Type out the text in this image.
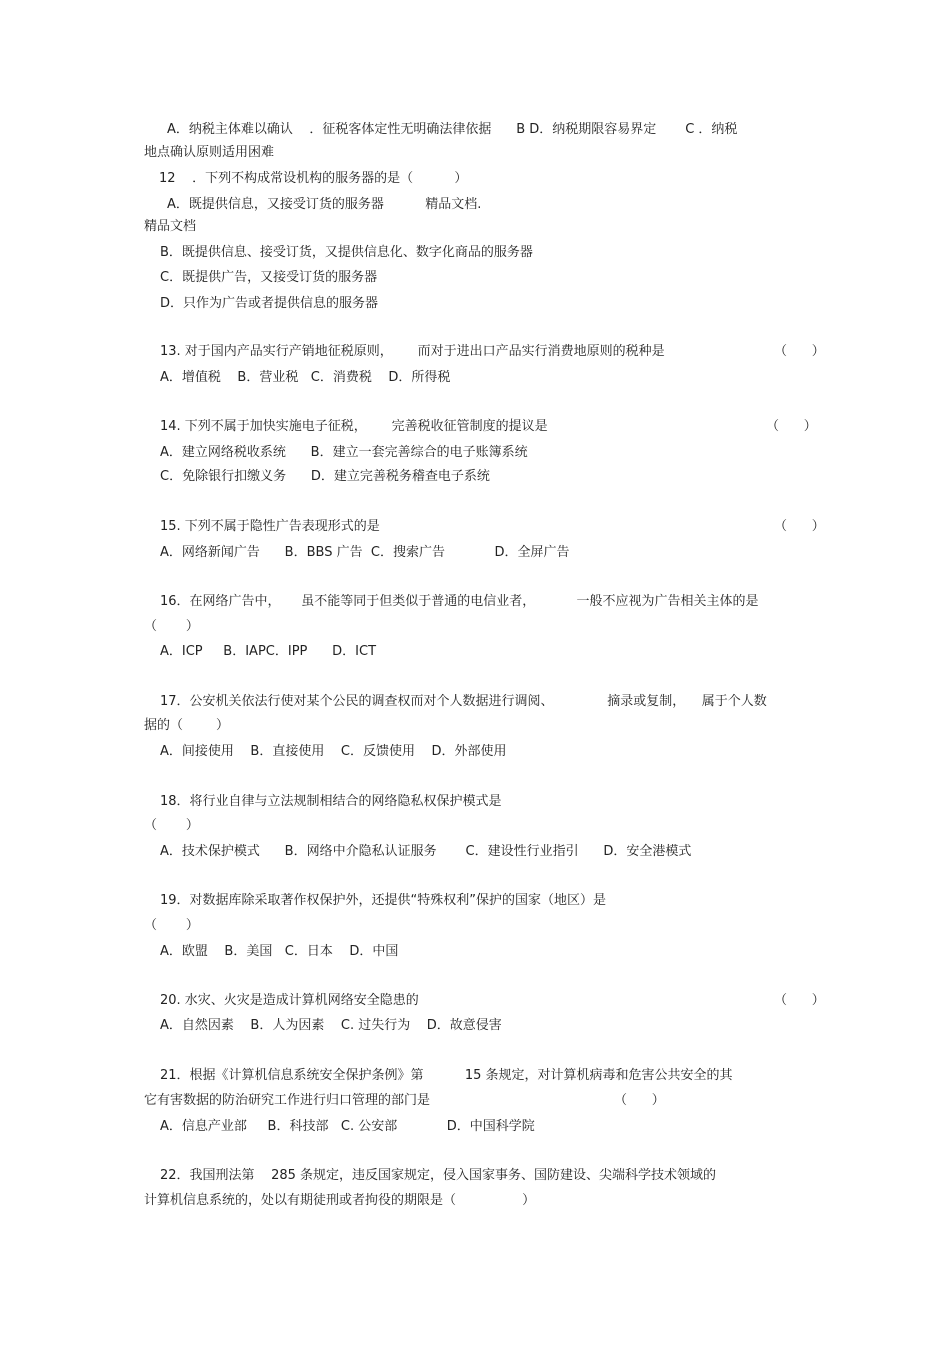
A．纳税主体难以确认    ．征税客体定性无明确法律依据      B D．纳税期限容易界定       C ．纳税
地点确认原则适用困难
12    ．下列不构成常设机构的服务器的是（          ）
A．既提供信息，又接受订货的服务器          精品文档.
精品文档
B．既提供信息、接受订货，又提供信息化、数字化商品的服务器
C．既提供广告，又接受订货的服务器
D．只作为广告或者提供信息的服务器
13. 对于国内产品实行产销地征税原则，      而对于进出口产品实行消费地原则的税种是	（      ）
A．增值税    B．营业税   C．消费税    D．所得税
14. 下列不属于加快实施电子征税，      完善税收征管制度的提议是	（      ）
A．建立网络税收系统      B．建立一套完善综合的电子账簿系统
C．免除银行扣缴义务      D．建立完善税务稽查电子系统
15. 下列不属于隐性广告表现形式的是	（      ）
A．网络新闻广告      B．BBS 广告  C．搜索广告            D．全屏广告
16．在网络广告中，     虽不能等同于但类似于普通的电信业者，          一般不应视为广告相关主体的是
（       ）
A．ICP     B．IAPC．IPP      D．ICT
17．公安机关依法行使对某个公民的调查权而对个人数据进行调阅、             摘录或复制，    属于个人数
据的（        ）
A．间接使用    B．直接使用    C．反馈使用    D．外部使用
18．将行业自律与立法规制相结合的网络隐私权保护模式是
（       ）
A．技术保护模式      B．网络中介隐私认证服务       C．建设性行业指引      D．安全港模式
19．对数据库除采取著作权保护外，还提供“特殊权利”保护的国家（地区）是
（       ）
A．欧盟    B．美国   C．日本    D．中国
20. 水灾、火灾是造成计算机网络安全隐患的	（      ）
A．自然因素    B．人为因素    C. 过失行为    D．故意侵害
21．根据《计算机信息系统安全保护条例》第          15 条规定，对计算机病毒和危害公共安全的其
它有害数据的防治研究工作进行归口管理的部门是	（      ）
A．信息产业部     B．科技部   C. 公安部            D．中国科学院
22．我国刑法第    285 条规定，违反国家规定，侵入国家事务、国防建设、尖端科学技术领域的
计算机信息系统的，处以有期徒刑或者拘役的期限是（                ）
